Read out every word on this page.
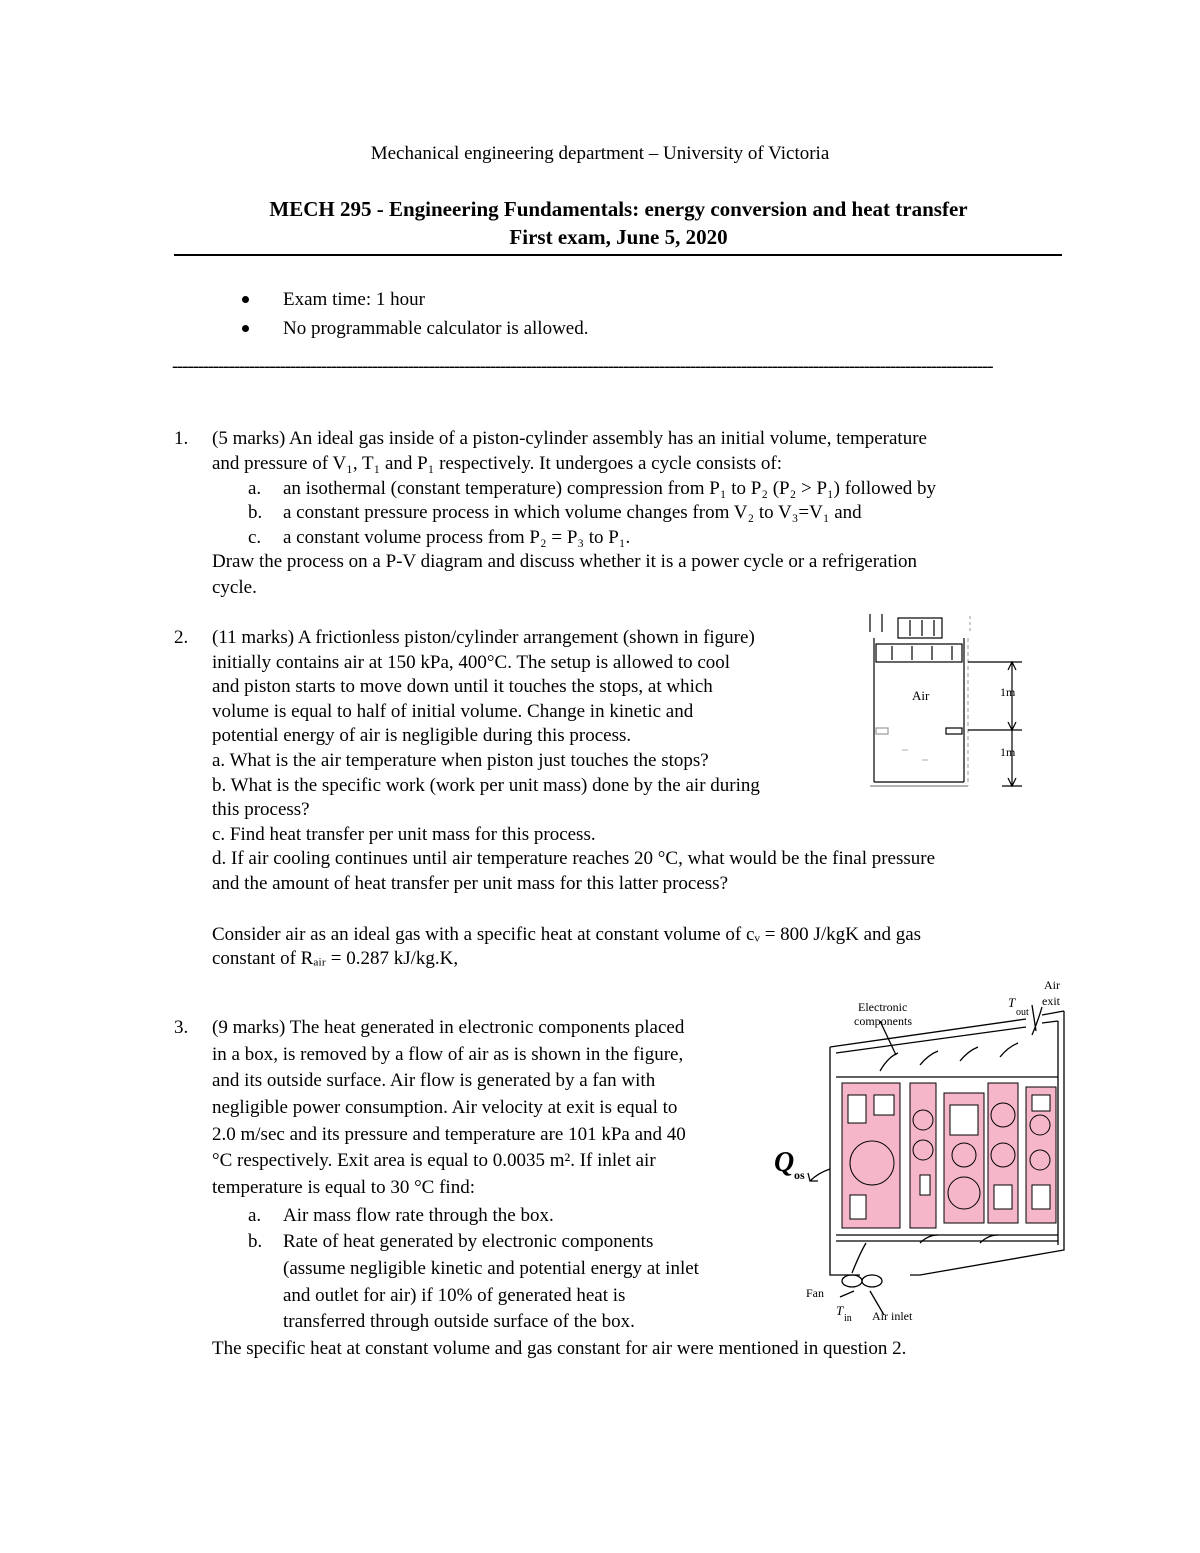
Mechanical engineering department – University of Victoria
MECH 295 - Engineering Fundamentals: energy conversion and heat transfer
First exam, June 5, 2020
Exam time: 1 hour
No programmable calculator is allowed.
----------------------------------------------------------------------------------------------------------------------------------------------------------------
1. (5 marks) An ideal gas inside of a piston-cylinder assembly has an initial volume, temperature
and pressure of V₁, T₁ and P₁ respectively. It undergoes a cycle consists of:
a. an isothermal (constant temperature) compression from P₁ to P₂ (P₂ > P₁) followed by
b. a constant pressure process in which volume changes from V₂ to V₃=V₁ and
c. a constant volume process from P₂ = P₃ to P₁.
Draw the process on a P-V diagram and discuss whether it is a power cycle or a refrigeration
cycle.
2. (11 marks) A frictionless piston/cylinder arrangement (shown in figure)
initially contains air at 150 kPa, 400°C. The setup is allowed to cool
and piston starts to move down until it touches the stops, at which
volume is equal to half of initial volume. Change in kinetic and
potential energy of air is negligible during this process.
a. What is the air temperature when piston just touches the stops?
b. What is the specific work (work per unit mass) done by the air during
this process?
c. Find heat transfer per unit mass for this process.
d. If air cooling continues until air temperature reaches 20 °C, what would be the final pressure
and the amount of heat transfer per unit mass for this latter process?
Consider air as an ideal gas with a specific heat at constant volume of cᵥ = 800 J/kgK and gas
constant of Rₐᵢᵣ = 0.287 kJ/kg.K,
Air	1m
1m
3. (9 marks) The heat generated in electronic components placed
in a box, is removed by a flow of air as is shown in the figure,
and its outside surface. Air flow is generated by a fan with
negligible power consumption. Air velocity at exit is equal to
2.0 m/sec and its pressure and temperature are 101 kPa and 40
°C respectively. Exit area is equal to 0.0035 m². If inlet air
temperature is equal to 30 °C find:
a. Air mass flow rate through the box.
b. Rate of heat generated by electronic components
(assume negligible kinetic and potential energy at inlet
and outlet for air) if 10% of generated heat is
transferred through outside surface of the box.
The specific heat at constant volume and gas constant for air were mentioned in question 2.
Electronic
components
Air
exit
T
out
Q os
Fan
T
in Air inlet
